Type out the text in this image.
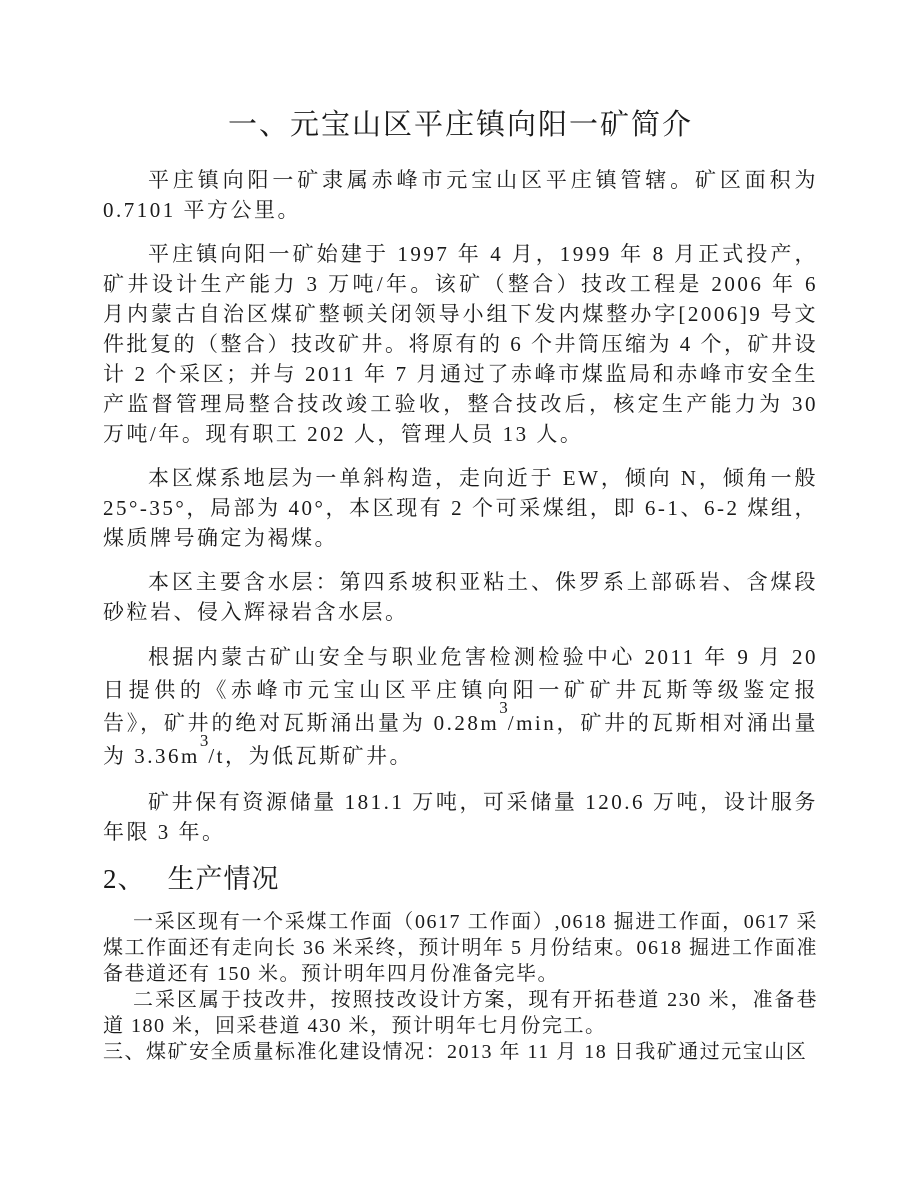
一、元宝山区平庄镇向阳一矿简介

平庄镇向阳一矿隶属赤峰市元宝山区平庄镇管辖。矿区面积为 0.7101 平方公里。

平庄镇向阳一矿始建于 1997 年 4 月，1999 年 8 月正式投产，矿井设计生产能力 3 万吨/年。该矿（整合）技改工程是 2006 年 6 月内蒙古自治区煤矿整顿关闭领导小组下发内煤整办字[2006]9 号文件批复的（整合）技改矿井。将原有的 6 个井筒压缩为 4 个，矿井设计 2 个采区；并与 2011 年 7 月通过了赤峰市煤监局和赤峰市安全生产监督管理局整合技改竣工验收，整合技改后，核定生产能力为 30 万吨/年。现有职工 202 人，管理人员 13 人。

本区煤系地层为一单斜构造，走向近于 EW，倾向 N，倾角一般 25°-35°，局部为 40°，本区现有 2 个可采煤组，即 6-1、6-2 煤组，煤质牌号确定为褐煤。

本区主要含水层：第四系坡积亚粘土、侏罗系上部砾岩、含煤段砂粒岩、侵入辉禄岩含水层。

根据内蒙古矿山安全与职业危害检测检验中心 2011 年 9 月 20 日提供的《赤峰市元宝山区平庄镇向阳一矿矿井瓦斯等级鉴定报告》，矿井的绝对瓦斯涌出量为 $0.28m^3/\min$，矿井的瓦斯相对涌出量为 $3.36m^3/t$，为低瓦斯矿井。

矿井保有资源储量 181.1 万吨，可采储量 120.6 万吨，设计服务年限 3 年。

2、 生产情况

一采区现有一个采煤工作面（0617 工作面）,0618 掘进工作面，0617 采煤工作面还有走向长 36 米采终，预计明年 5 月份结束。0618 掘进工作面准备巷道还有 150 米。预计明年四月份准备完毕。

二采区属于技改井，按照技改设计方案，现有开拓巷道 230 米，准备巷道 180 米，回采巷道 430 米，预计明年七月份完工。

三、煤矿安全质量标准化建设情况：2013 年 11 月 18 日我矿通过元宝山区
